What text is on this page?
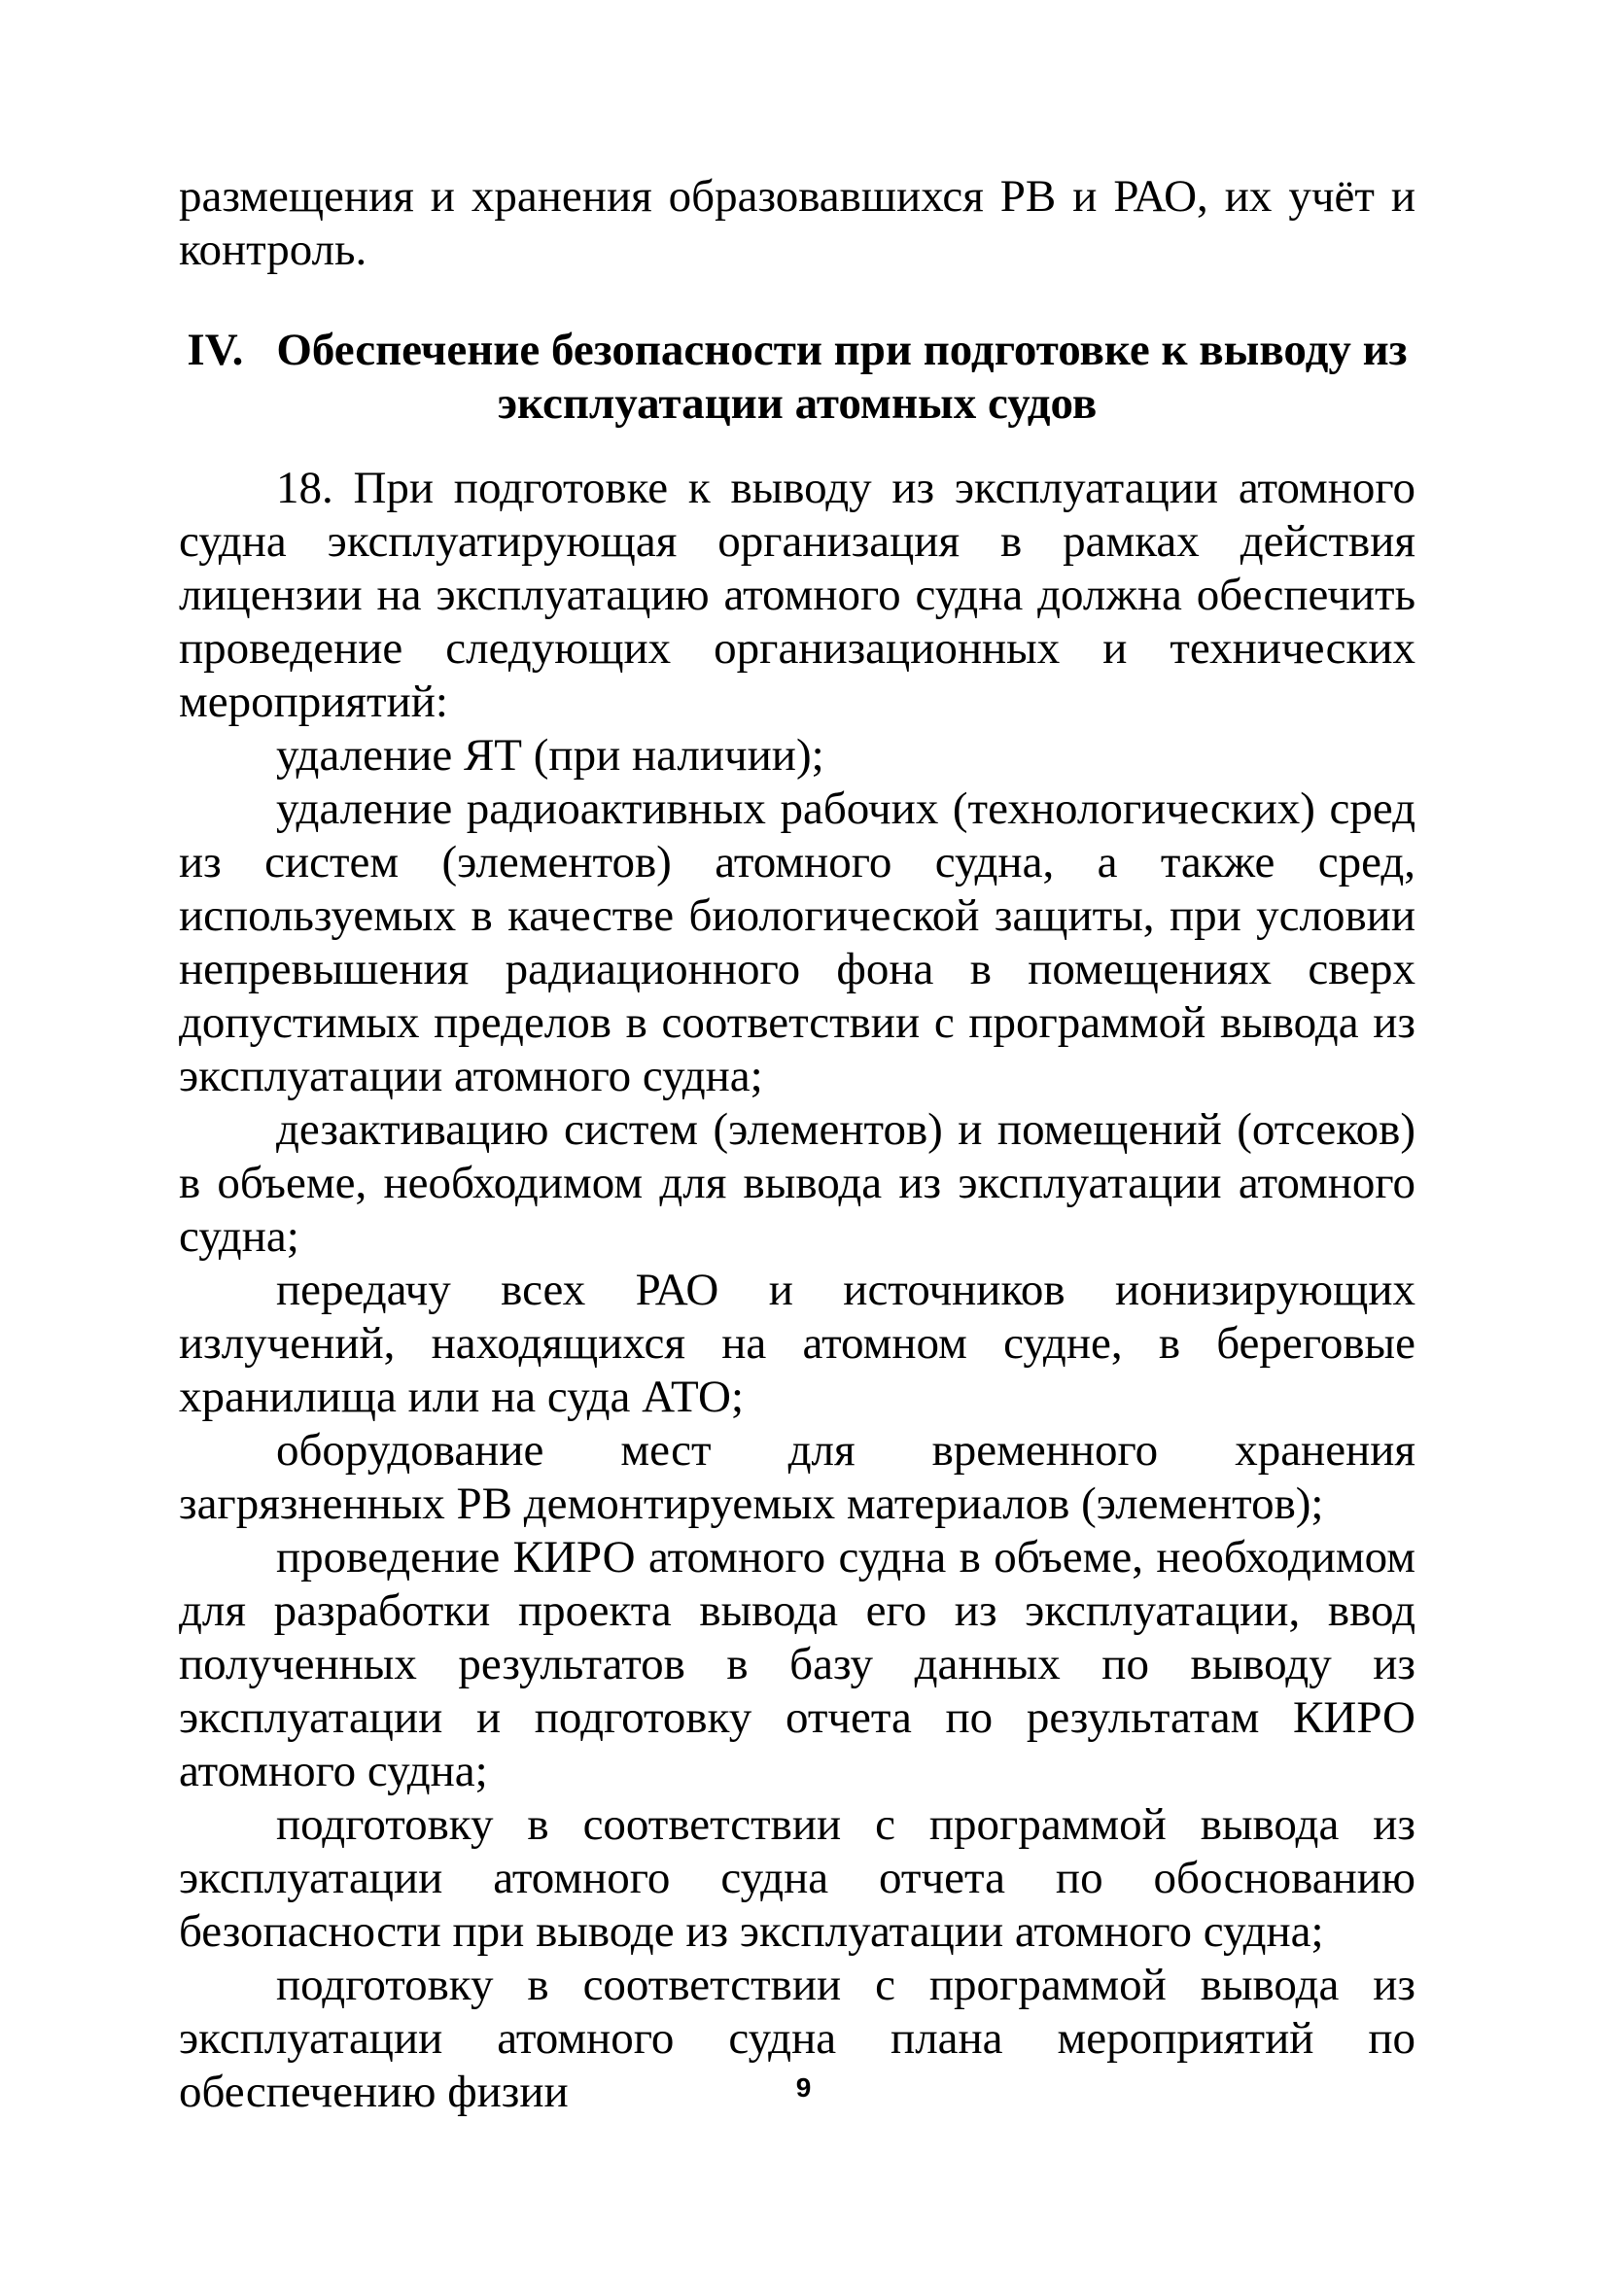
размещения и хранения образовавшихся РВ и РАО, их учёт и контроль.

IV. Обеспечение безопасности при подготовке к выводу из эксплуатации атомных судов

18. При подготовке к выводу из эксплуатации атомного судна эксплуатирующая организация в рамках действия лицензии на эксплуатацию атомного судна должна обеспечить проведение следующих организационных и технических мероприятий:

удаление ЯТ (при наличии);

удаление радиоактивных рабочих (технологических) сред из систем (элементов) атомного судна, а также сред, используемых в качестве биологической защиты, при условии непревышения радиационного фона в помещениях сверх допустимых пределов в соответствии с программой вывода из эксплуатации атомного судна;

дезактивацию систем (элементов) и помещений (отсеков) в объеме, необходимом для вывода из эксплуатации атомного судна;

передачу всех РАО и источников ионизирующих излучений, находящихся на атомном судне, в береговые хранилища или на суда АТО;

оборудование мест для временного хранения загрязненных РВ демонтируемых материалов (элементов);

проведение КИРО атомного судна в объеме, необходимом для разработки проекта вывода его из эксплуатации, ввод полученных результатов в базу данных по выводу из эксплуатации и подготовку отчета по результатам КИРО атомного судна;

подготовку в соответствии с программой вывода из эксплуатации атомного судна отчета по обоснованию безопасности при выводе из эксплуатации атомного судна;

подготовку в соответствии с программой вывода из эксплуатации атомного судна плана мероприятий по обеспечению физии	9
